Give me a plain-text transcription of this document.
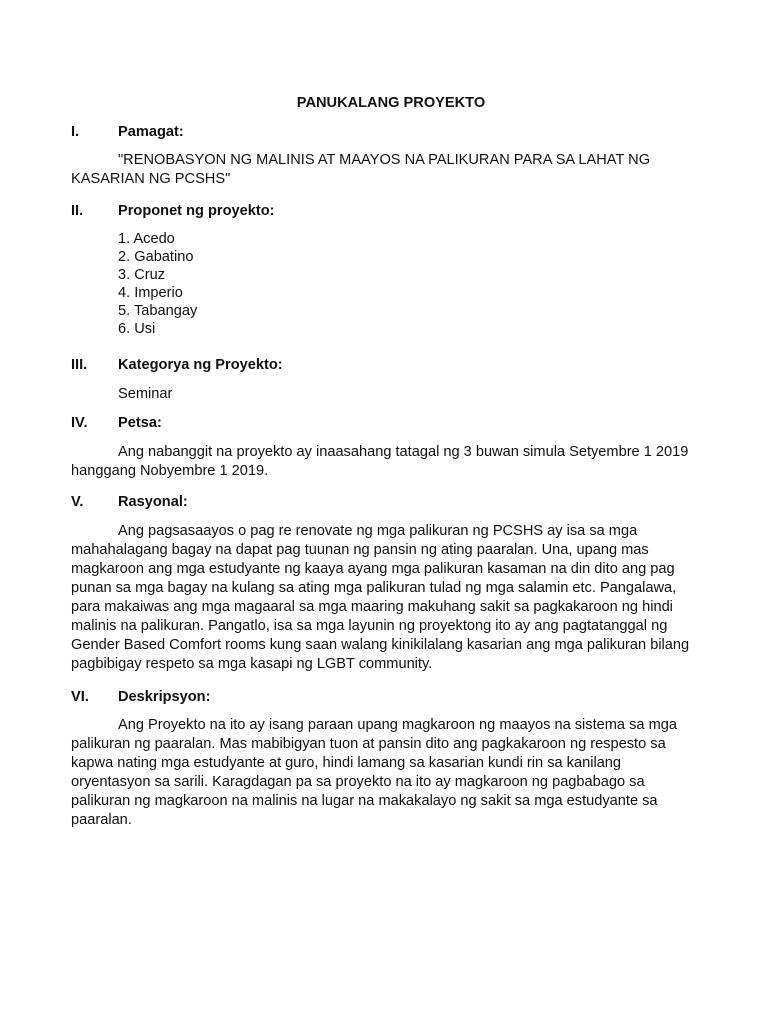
PANUKALANG PROYEKTO
I.	Pamagat:
"RENOBASYON NG MALINIS AT MAAYOS NA PALIKURAN PARA SA LAHAT NG
KASARIAN NG PCSHS"
II. Proponet ng proyekto:
1. Acedo
2. Gabatino
3. Cruz
4. Imperio
5. Tabangay
6. Usi
III. Kategorya ng Proyekto:
Seminar
IV. Petsa:
Ang nabanggit na proyekto ay inaasahang tatagal ng 3 buwan simula Setyembre 1 2019
hanggang Nobyembre 1 2019.
V. Rasyonal:
Ang pagsasaayos o pag re renovate ng mga palikuran ng PCSHS ay isa sa mga
mahahalagang bagay na dapat pag tuunan ng pansin ng ating paaralan. Una, upang mas
magkaroon ang mga estudyante ng kaaya ayang mga palikuran kasaman na din dito ang pag
punan sa mga bagay na kulang sa ating mga palikuran tulad ng mga salamin etc. Pangalawa,
para makaiwas ang mga magaaral sa mga maaring makuhang sakit sa pagkakaroon ng hindi
malinis na palikuran. Pangatlo, isa sa mga layunin ng proyektong ito ay ang pagtatanggal ng
Gender Based Comfort rooms kung saan walang kinikilalang kasarian ang mga palikuran bilang
pagbibigay respeto sa mga kasapi ng LGBT community.
VI. Deskripsyon:
Ang Proyekto na ito ay isang paraan upang magkaroon ng maayos na sistema sa mga
palikuran ng paaralan. Mas mabibigyan tuon at pansin dito ang pagkakaroon ng respesto sa
kapwa nating mga estudyante at guro, hindi lamang sa kasarian kundi rin sa kanilang
oryentasyon sa sarili. Karagdagan pa sa proyekto na ito ay magkaroon ng pagbabago sa
palikuran ng magkaroon na malinis na lugar na makakalayo ng sakit sa mga estudyante sa
paaralan.
